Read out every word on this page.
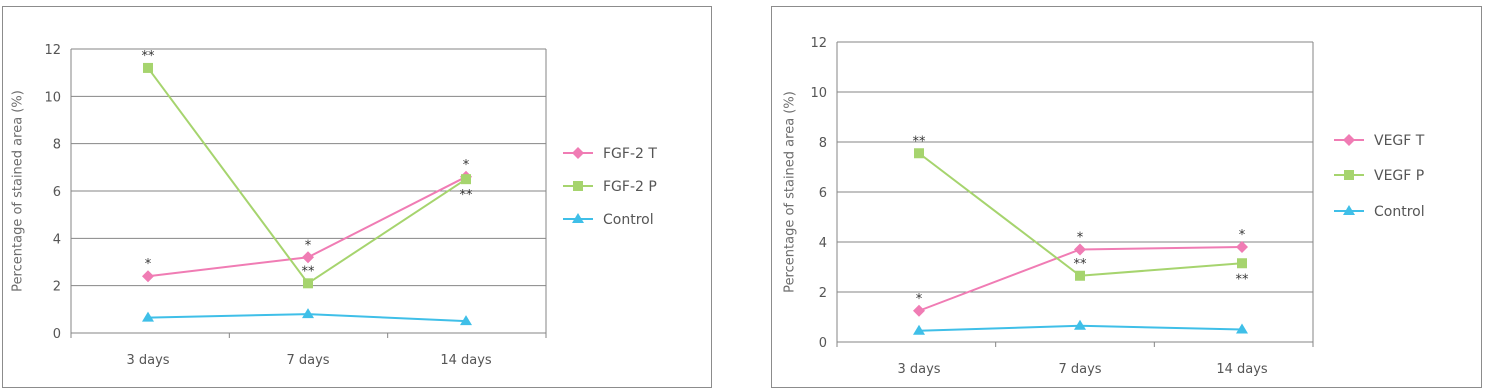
0
2
4
6
8
10
12
3 days	7 days	14 days
Percentage of stained area (%)	*
*
*
**
**
**
FGF-2 T
FGF-2 P
Control
0
2
4
6
8
10
12
3 days	7 days	14 days
Percentage of stained area (%)
*
*	*
**
**
**
VEGF T
VEGF P
Control
